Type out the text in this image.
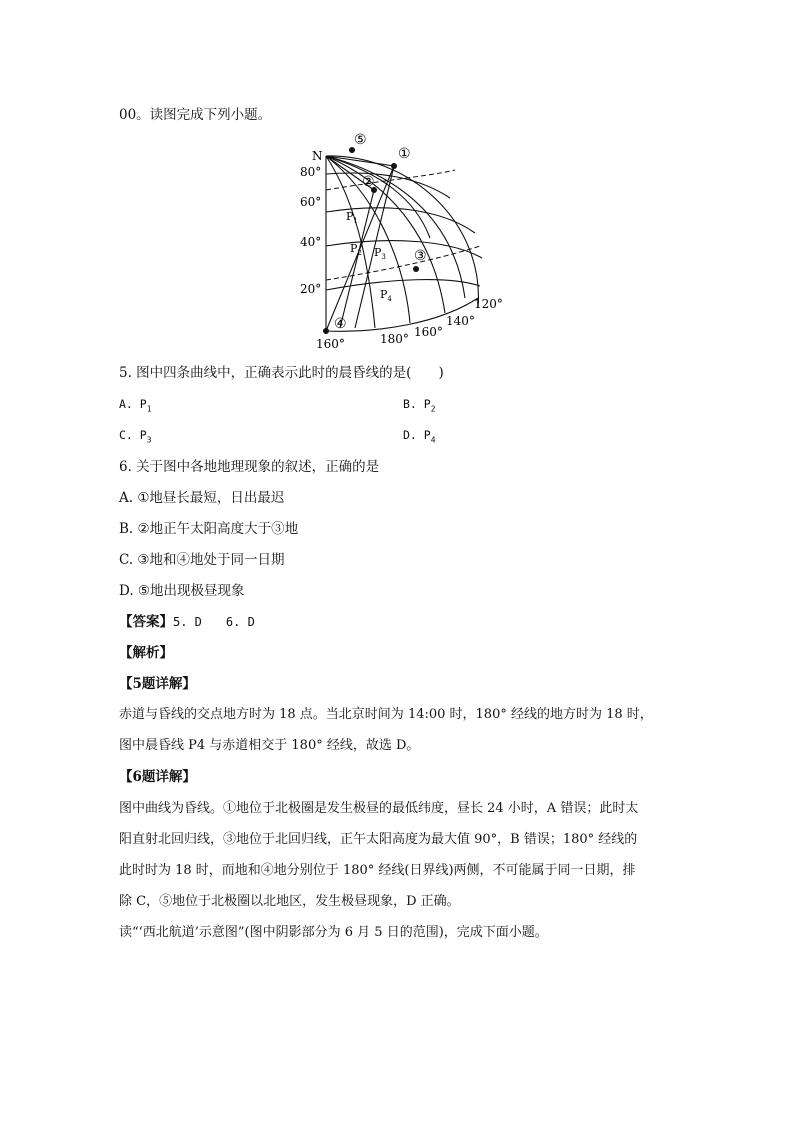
00。读图完成下列小题。
N
80°
60°
40°
20°
160°	180° 160°
140°
120°
⑤
①
②
③
④
$P_1$
$P_2$ $P_3$
$P_4$
5. 图中四条曲线中，正确表示此时的晨昏线的是(　　)
A. $P_1$	B. $P_2$
C. $P_3$	D. $P_4$
6. 关于图中各地地理现象的叙述，正确的是
A. ①地昼长最短，日出最迟
B. ②地正午太阳高度大于③地
C. ③地和④地处于同一日期
D. ⑤地出现极昼现象
【答案】5. D　　6. D
【解析】
【5题详解】
赤道与昏线的交点地方时为 18 点。当北京时间为 14:00 时，180° 经线的地方时为 18 时，
图中晨昏线 P4 与赤道相交于 180° 经线，故选 D。
【6题详解】
图中曲线为昏线。①地位于北极圈是发生极昼的最低纬度，昼长 24 小时，A 错误；此时太
阳直射北回归线，③地位于北回归线，正午太阳高度为最大值 90°，B 错误；180° 经线的
此时时为 18 时，而地和④地分别位于 180° 经线(日界线)两侧，不可能属于同一日期，排
除 C，⑤地位于北极圈以北地区，发生极昼现象，D 正确。
读“‘西北航道’示意图”(图中阴影部分为 6 月 5 日的范围)，完成下面小题。
